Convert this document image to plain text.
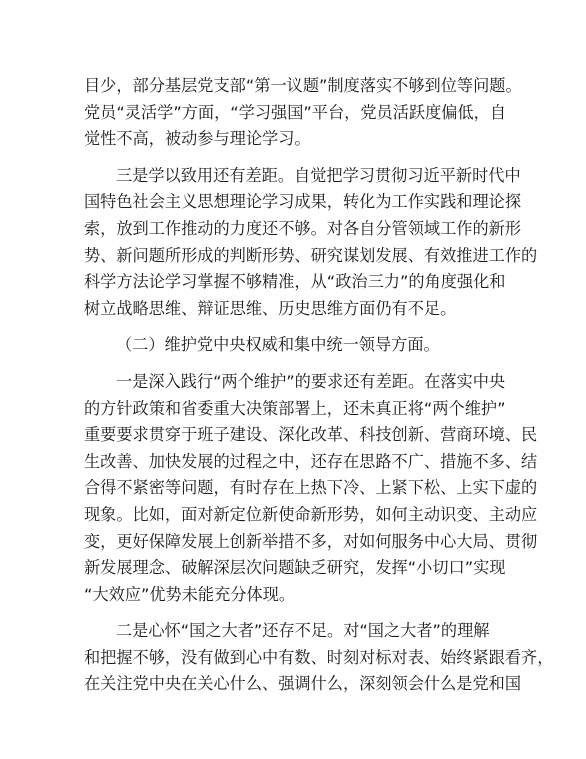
目少，部分基层党支部“第一议题”制度落实不够到位等问题。
党员“灵活学”方面，“学习强国”平台，党员活跃度偏低，自
觉性不高，被动参与理论学习。
三是学以致用还有差距。自觉把学习贯彻习近平新时代中
国特色社会主义思想理论学习成果，转化为工作实践和理论探
索，放到工作推动的力度还不够。对各自分管领域工作的新形
势、新问题所形成的判断形势、研究谋划发展、有效推进工作的
科学方法论学习掌握不够精准，从“政治三力”的角度强化和
树立战略思维、辩证思维、历史思维方面仍有不足。
（二）维护党中央权威和集中统一领导方面。
一是深入践行“两个维护”的要求还有差距。在落实中央
的方针政策和省委重大决策部署上，还未真正将“两个维护”
重要要求贯穿于班子建设、深化改革、科技创新、营商环境、民
生改善、加快发展的过程之中，还存在思路不广、措施不多、结
合得不紧密等问题，有时存在上热下冷、上紧下松、上实下虚的
现象。比如，面对新定位新使命新形势，如何主动识变、主动应
变，更好保障发展上创新举措不多，对如何服务中心大局、贯彻
新发展理念、破解深层次问题缺乏研究，发挥“小切口”实现
“大效应”优势未能充分体现。
二是心怀“国之大者”还存不足。对“国之大者”的理解
和把握不够，没有做到心中有数、时刻对标对表、始终紧跟看齐，
在关注党中央在关心什么、强调什么，深刻领会什么是党和国
